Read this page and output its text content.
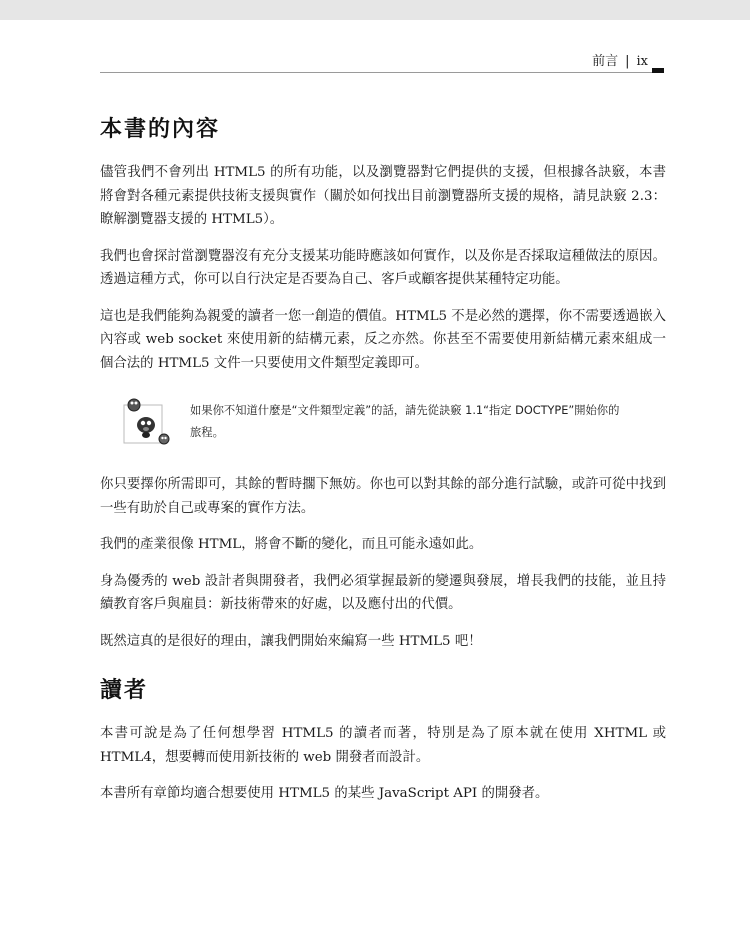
前言 | ix
本書的內容

儘管我們不會列出 HTML5 的所有功能，以及瀏覽器對它們提供的支援，但根據各訣竅，本書將會對各種元素提供技術支援與實作（關於如何找出目前瀏覽器所支援的規格，請見訣竅 2.3：瞭解瀏覽器支援的 HTML5）。

我們也會探討當瀏覽器沒有充分支援某功能時應該如何實作，以及你是否採取這種做法的原因。透過這種方式，你可以自行決定是否要為自己、客戶或顧客提供某種特定功能。

這也是我們能夠為親愛的讀者一您一創造的價值。HTML5 不是必然的選擇，你不需要透過嵌入內容或 web socket 來使用新的結構元素，反之亦然。你甚至不需要使用新結構元素來組成一個合法的 HTML5 文件一只要使用文件類型定義即可。

如果你不知道什麼是“文件類型定義”的話，請先從訣竅 1.1“指定 DOCTYPE”開始你的旅程。

你只要擇你所需即可，其餘的暫時擱下無妨。你也可以對其餘的部分進行試驗，或許可從中找到一些有助於自己或專案的實作方法。

我們的產業很像 HTML，將會不斷的變化，而且可能永遠如此。

身為優秀的 web 設計者與開發者，我們必須掌握最新的變遷與發展，增長我們的技能，並且持續教育客戶與雇員：新技術帶來的好處，以及應付出的代價。

既然這真的是很好的理由，讓我們開始來編寫一些 HTML5 吧！

讀者

本書可說是為了任何想學習 HTML5 的讀者而著，特別是為了原本就在使用 XHTML 或 HTML4，想要轉而使用新技術的 web 開發者而設計。

本書所有章節均適合想要使用 HTML5 的某些 JavaScript API 的開發者。
